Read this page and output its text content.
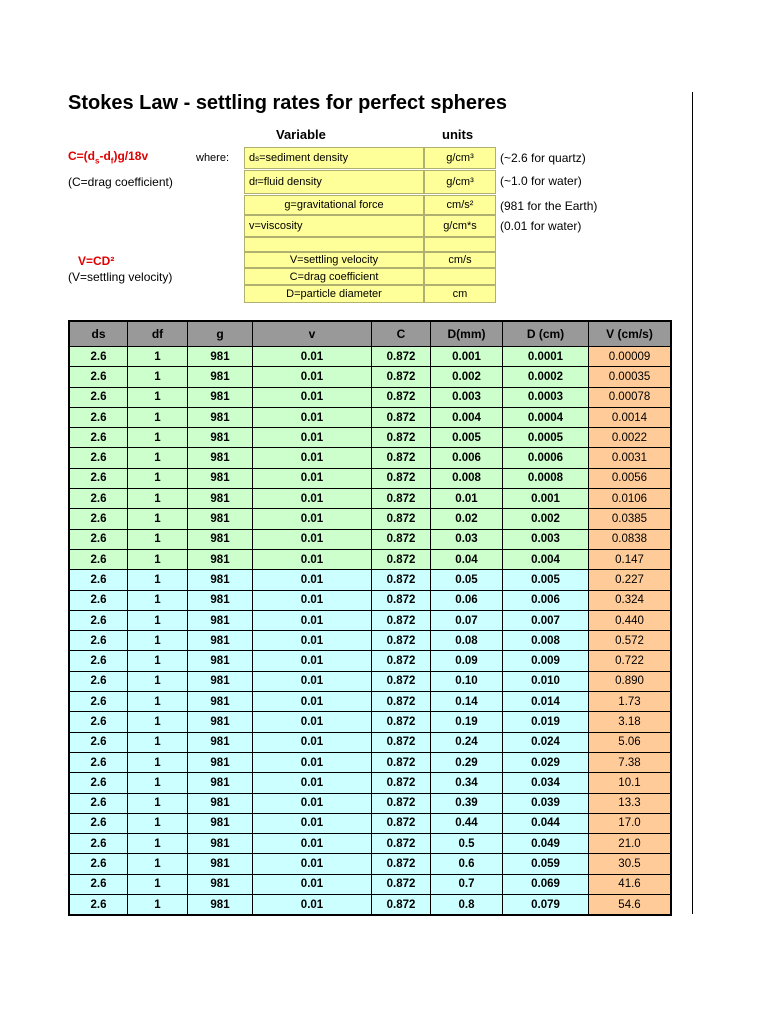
Stokes Law - settling rates for perfect spheres
$C=(d_s-d_f)g/18v$	where:
(C=drag coefficient)
V=CD²
(V=settling velocity)
Variable	units
d s =sediment density	g/cm³	(~2.6 for quartz)
d f =fluid density	g/cm³	(~1.0 for water)
g=gravitational force	cm/s²	(981 for the Earth)
v=viscosity	g/cm*s	(0.01 for water)
V=settling velocity	cm/s
C=drag coefficient
D=particle diameter	cm
ds	df	g	v	C	D(mm)	D (cm)	V (cm/s)
2.6	1	981	0.01	0.872	0.001	0.0001	0.00009
2.6	1	981	0.01	0.872	0.002	0.0002	0.00035
2.6	1	981	0.01	0.872	0.003	0.0003	0.00078
2.6	1	981	0.01	0.872	0.004	0.0004	0.0014
2.6	1	981	0.01	0.872	0.005	0.0005	0.0022
2.6	1	981	0.01	0.872	0.006	0.0006	0.0031
2.6	1	981	0.01	0.872	0.008	0.0008	0.0056
2.6	1	981	0.01	0.872	0.01	0.001	0.0106
2.6	1	981	0.01	0.872	0.02	0.002	0.0385
2.6	1	981	0.01	0.872	0.03	0.003	0.0838
2.6	1	981	0.01	0.872	0.04	0.004	0.147
2.6	1	981	0.01	0.872	0.05	0.005	0.227
2.6	1	981	0.01	0.872	0.06	0.006	0.324
2.6	1	981	0.01	0.872	0.07	0.007	0.440
2.6	1	981	0.01	0.872	0.08	0.008	0.572
2.6	1	981	0.01	0.872	0.09	0.009	0.722
2.6	1	981	0.01	0.872	0.10	0.010	0.890
2.6	1	981	0.01	0.872	0.14	0.014	1.73
2.6	1	981	0.01	0.872	0.19	0.019	3.18
2.6	1	981	0.01	0.872	0.24	0.024	5.06
2.6	1	981	0.01	0.872	0.29	0.029	7.38
2.6	1	981	0.01	0.872	0.34	0.034	10.1
2.6	1	981	0.01	0.872	0.39	0.039	13.3
2.6	1	981	0.01	0.872	0.44	0.044	17.0
2.6	1	981	0.01	0.872	0.5	0.049	21.0
2.6	1	981	0.01	0.872	0.6	0.059	30.5
2.6	1	981	0.01	0.872	0.7	0.069	41.6
2.6	1	981	0.01	0.872	0.8	0.079	54.6
